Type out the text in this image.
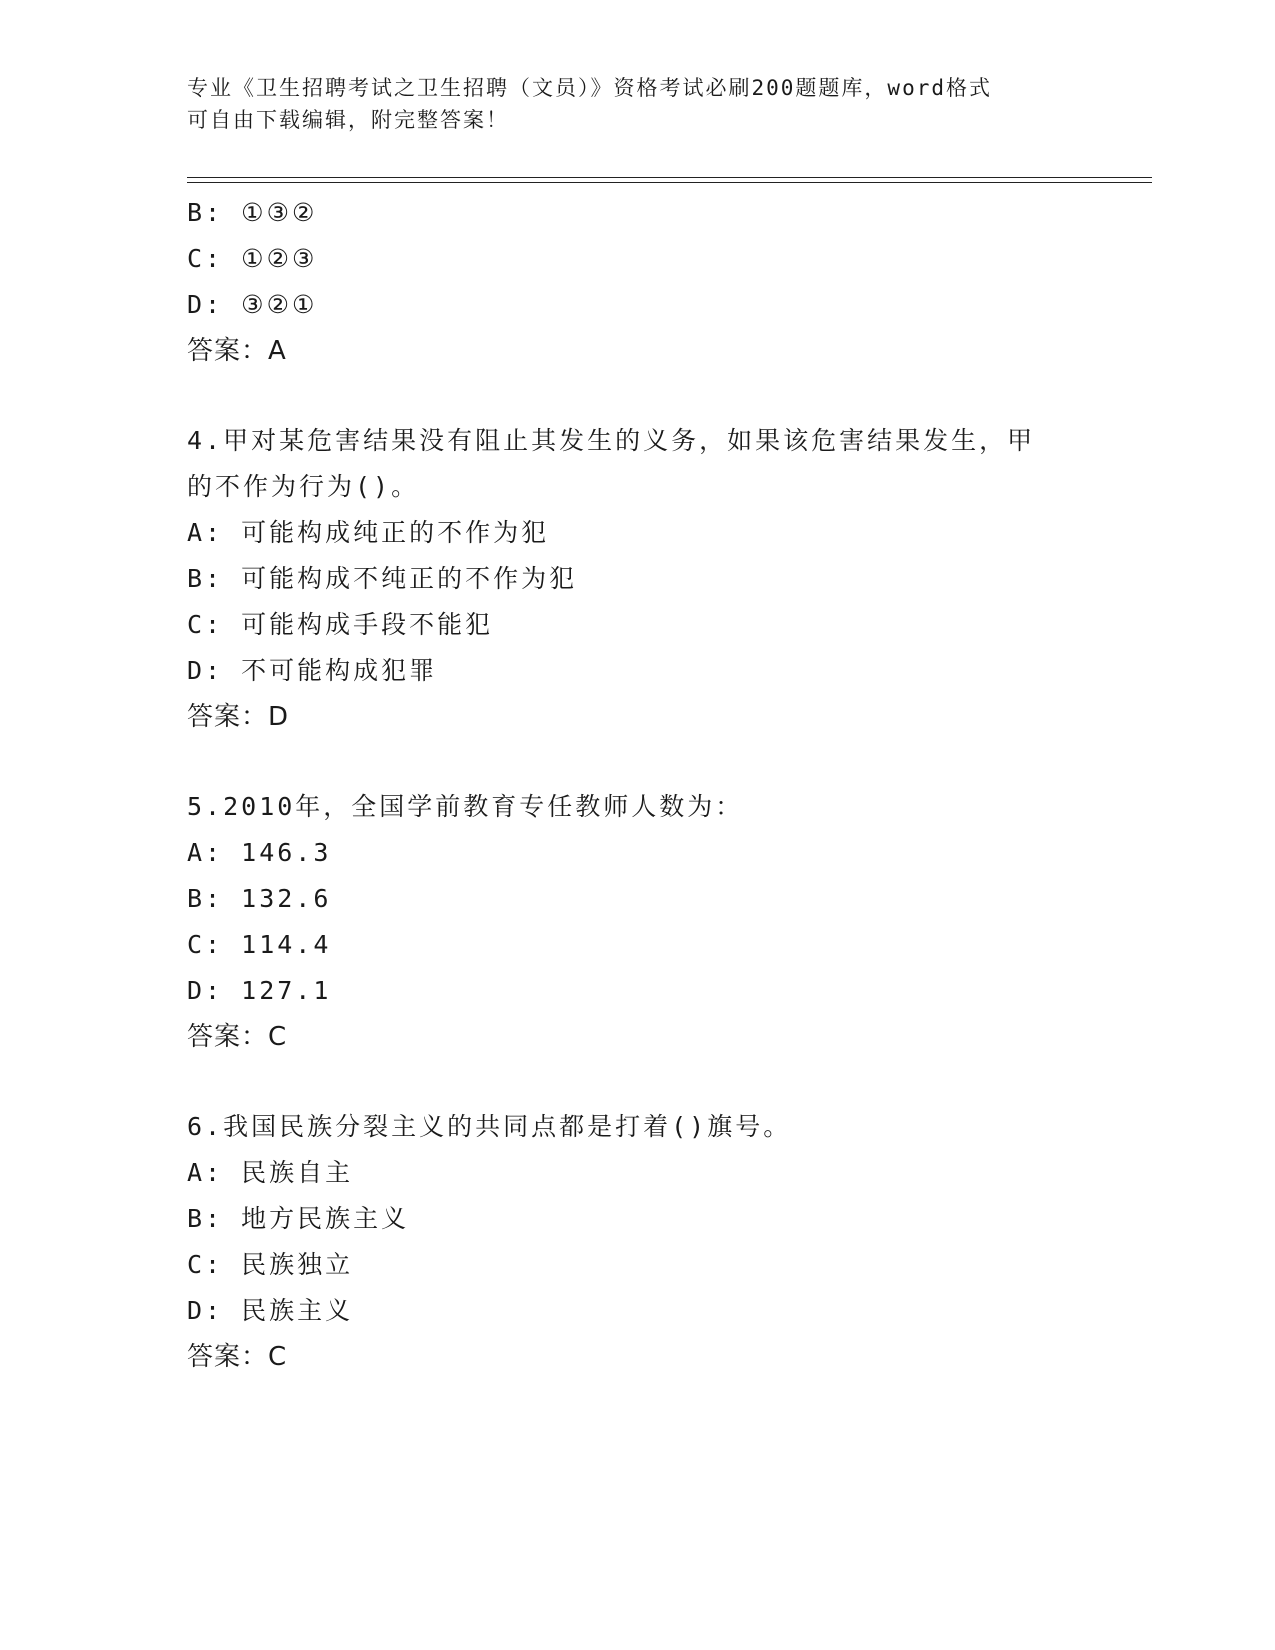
专业《卫生招聘考试之卫生招聘（文员）》资格考试必刷200题题库，word格式
可自由下载编辑，附完整答案！
B: ①③②
C: ①②③
D: ③②①
答案：A
4.甲对某危害结果没有阻止其发生的义务，如果该危害结果发生，甲
的不作为行为()。
A: 可能构成纯正的不作为犯
B: 可能构成不纯正的不作为犯
C: 可能构成手段不能犯
D: 不可能构成犯罪
答案：D
5.2010年，全国学前教育专任教师人数为：
A: 146.3
B: 132.6
C: 114.4
D: 127.1
答案：C
6.我国民族分裂主义的共同点都是打着()旗号。
A: 民族自主
B: 地方民族主义
C: 民族独立
D: 民族主义
答案：C
